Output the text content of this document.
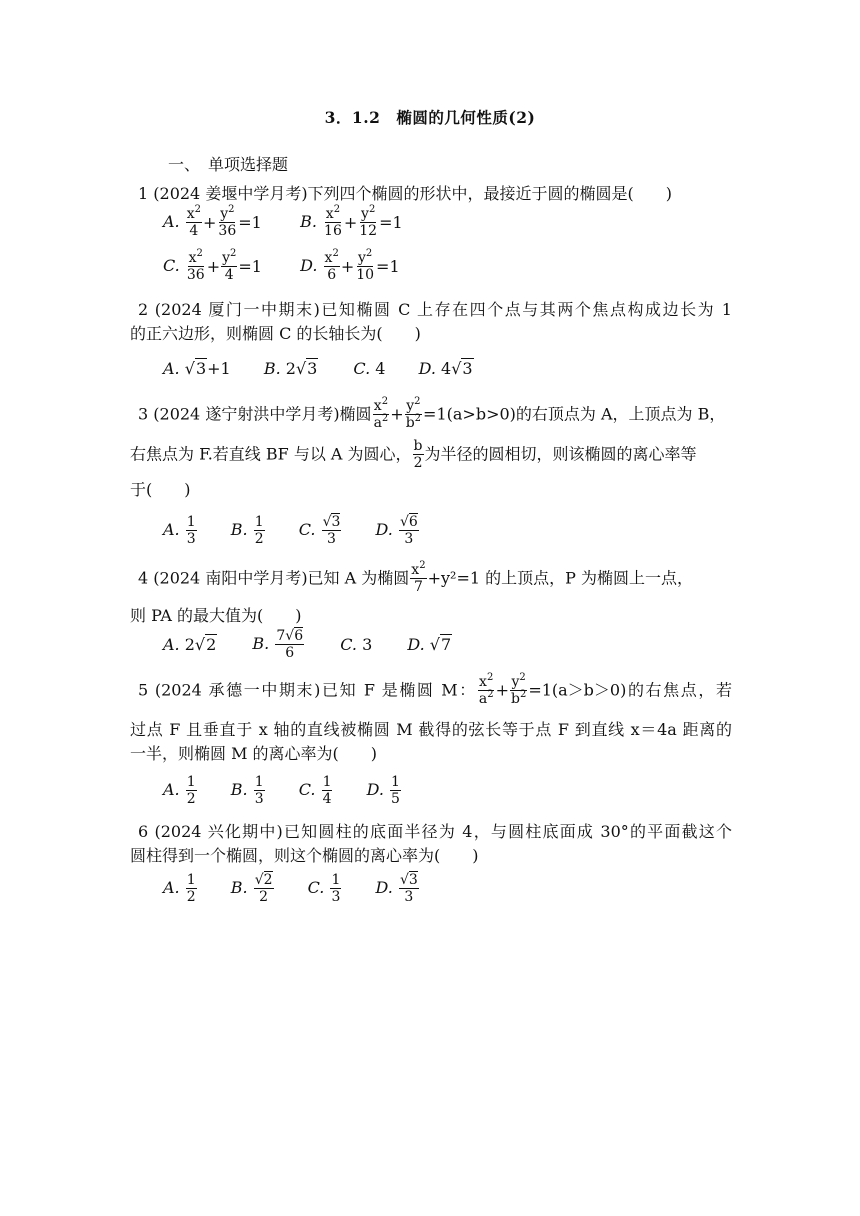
3．1.2　椭圆的几何性质(2)
一、　单项选择题
1 (2024 姜堰中学月考)下列四个椭圆的形状中，最接近于圆的椭圆是(　　)
A. $\frac{x^2}{4} + \frac{y^2}{36} =1$ B. $\frac{x^2}{16} + \frac{y^2}{12} =1$
C. $\frac{x^2}{36} + \frac{y^2}{4} =1$ D. $\frac{x^2}{6} + \frac{y^2}{10} =1$
2 (2024 厦门一中期末)已知椭圆 C 上存在四个点与其两个焦点构成边长为 1
的正六边形，则椭圆 C 的长轴长为(　　)
A. √3+1 B. 2√3 C. 4 D. 4√3
3 (2024 遂宁射洪中学月考)椭圆 $\frac{x^2}{a^2} + \frac{y^2}{b^2} =1(a>b>0)$的右顶点为 A，上顶点为 B，
右焦点为 F.若直线 BF 与以 A 为圆心， $\frac{b}{2}$ 为半径的圆相切，则该椭圆的离心率等
于(　　)
A. $\frac{1}{3} B$. $\frac{1}{2} C$. $\frac{√3}{3} D$. $\frac{√6}{3}$
4 (2024 南阳中学月考)已知 A 为椭圆 $\frac{x^2}{7} +y^2=1$ 的上顶点，P 为椭圆上一点，
则 PA 的最大值为(　　)
A. 2√2 B. $\frac{7√6}{6} C$. 3 D. √7
5 (2024 承德一中期末)已知 F 是椭圆 M： $\frac{x^2}{a^2} + \frac{y^2}{b^2} =1(a>b>0)$的右焦点，若
过点 F 且垂直于 x 轴的直线被椭圆 M 截得的弦长等于点 F 到直线 x＝4a 距离的
一半，则椭圆 M 的离心率为(　　)
A. $\frac{1}{2} B$. $\frac{1}{3} C$. $\frac{1}{4} D$. $\frac{1}{5}$
6 (2024 兴化期中)已知圆柱的底面半径为 4，与圆柱底面成 30°的平面截这个
圆柱得到一个椭圆，则这个椭圆的离心率为(　　)
A. $\frac{1}{2} B$. $\frac{√2}{2} C$. $\frac{1}{3} D$. $\frac{√3}{3}$
